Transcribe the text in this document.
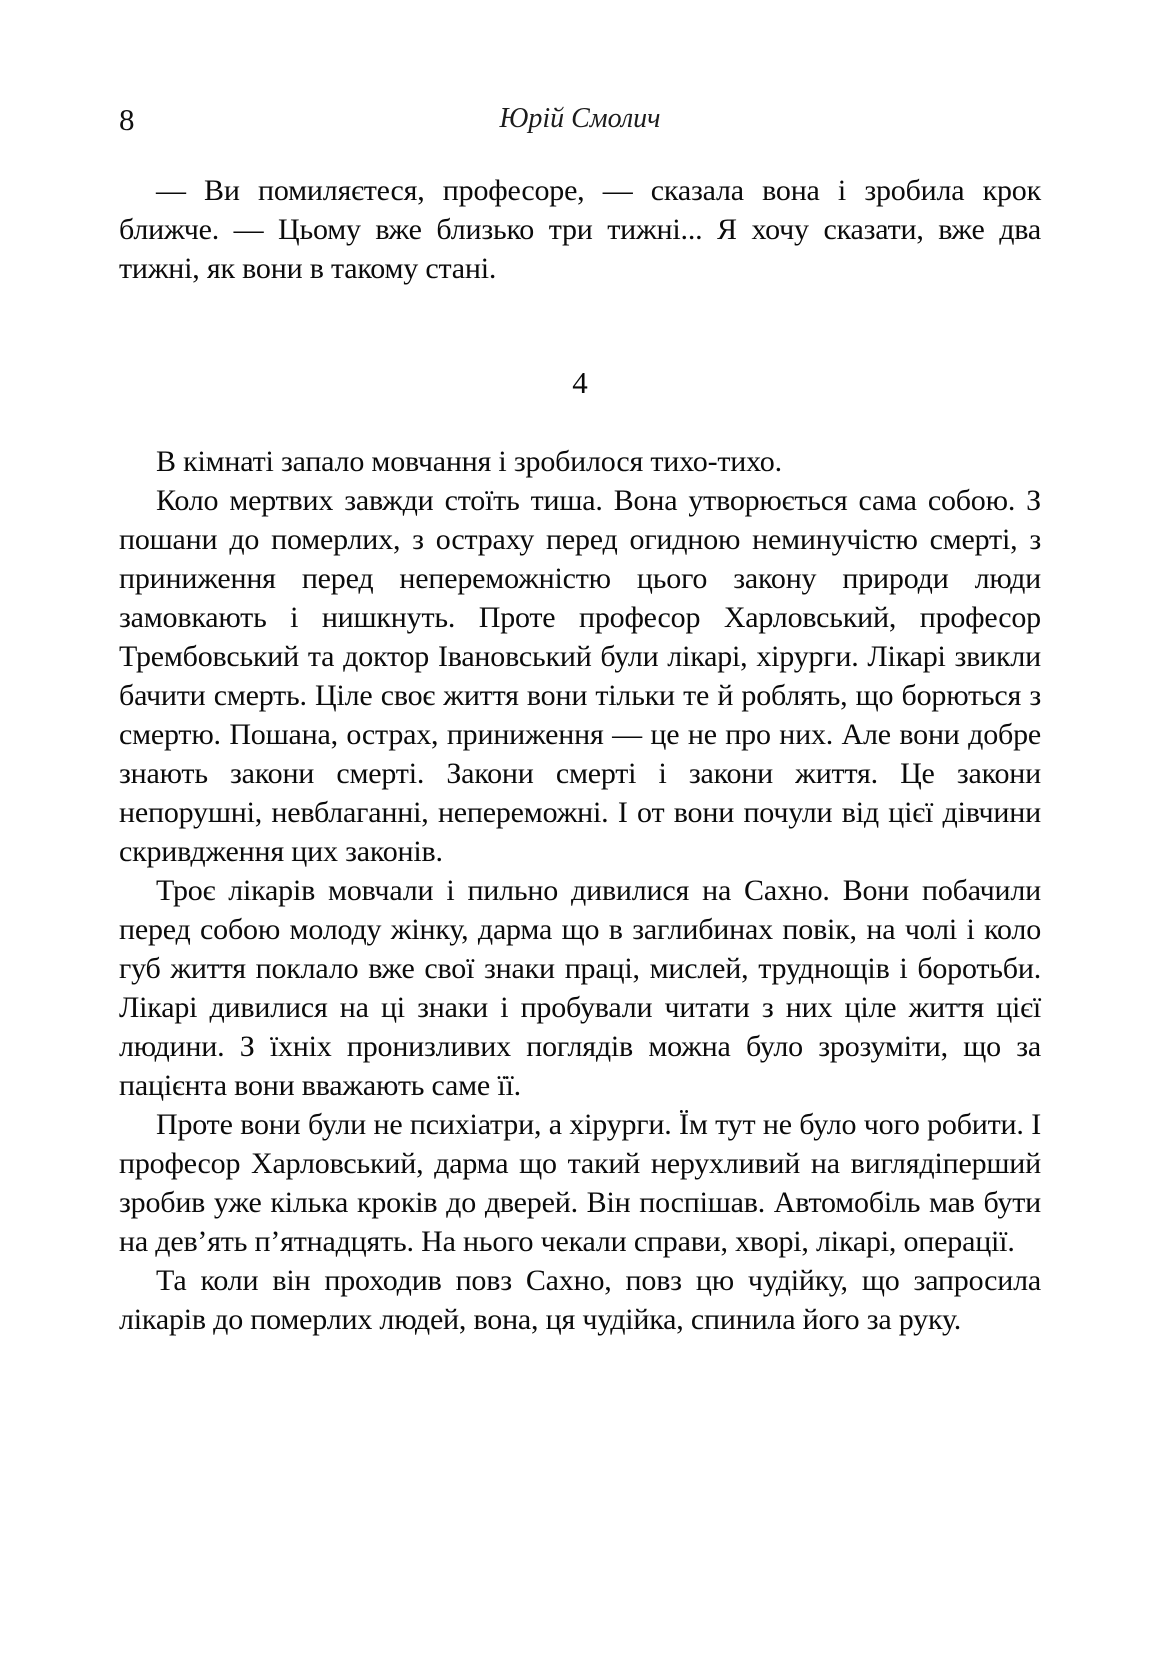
8	Юрій Смолич

— Ви помиляєтеся, професоре, — сказала вона і зробила крок ближче. — Цьому вже близько три тижні... Я хочу сказати, вже два тижні, як вони в такому стані.

4

В кімнаті запало мовчання і зробилося тихо-тихо.

Коло мертвих завжди стоїть тиша. Вона утворюється сама собою. З пошани до померлих, з остраху перед огидною неминучістю смерті, з приниження перед непереможністю цього закону природи люди замовкають і нишкнуть. Проте професор Харловський, професор Трембовський та доктор Івановський були лікарі, хірурги. Лікарі звикли бачити смерть. Ціле своє життя вони тільки те й роблять, що борються з смертю. Пошана, острах, приниження — це не про них. Але вони добре знають закони смерті. Закони смерті і закони життя. Це закони непорушні, невблаганні, непереможні. І от вони почули від цієї дівчини скривдження цих законів.

Троє лікарів мовчали і пильно дивилися на Сахно. Вони побачили перед собою молоду жінку, дарма що в заглибинах повік, на чолі і коло губ життя поклало вже свої знаки праці, мислей, труднощів і боротьби. Лікарі дивилися на ці знаки і пробували читати з них ціле життя цієї людини. З їхніх пронизливих поглядів можна було зрозуміти, що за пацієнта вони вважають саме її.

Проте вони були не психіатри, а хірурги. Їм тут не було чого робити. І професор Харловський, дарма що такий нерухливий на виглядіперший зробив уже кілька кроків до дверей. Він поспішав. Автомобіль мав бути на дев’ять п’ятнадцять. На нього чекали справи, хворі, лікарі, операції.

Та коли він проходив повз Сахно, повз цю чудійку, що запросила лікарів до померлих людей, вона, ця чудійка, спинила його за руку.
